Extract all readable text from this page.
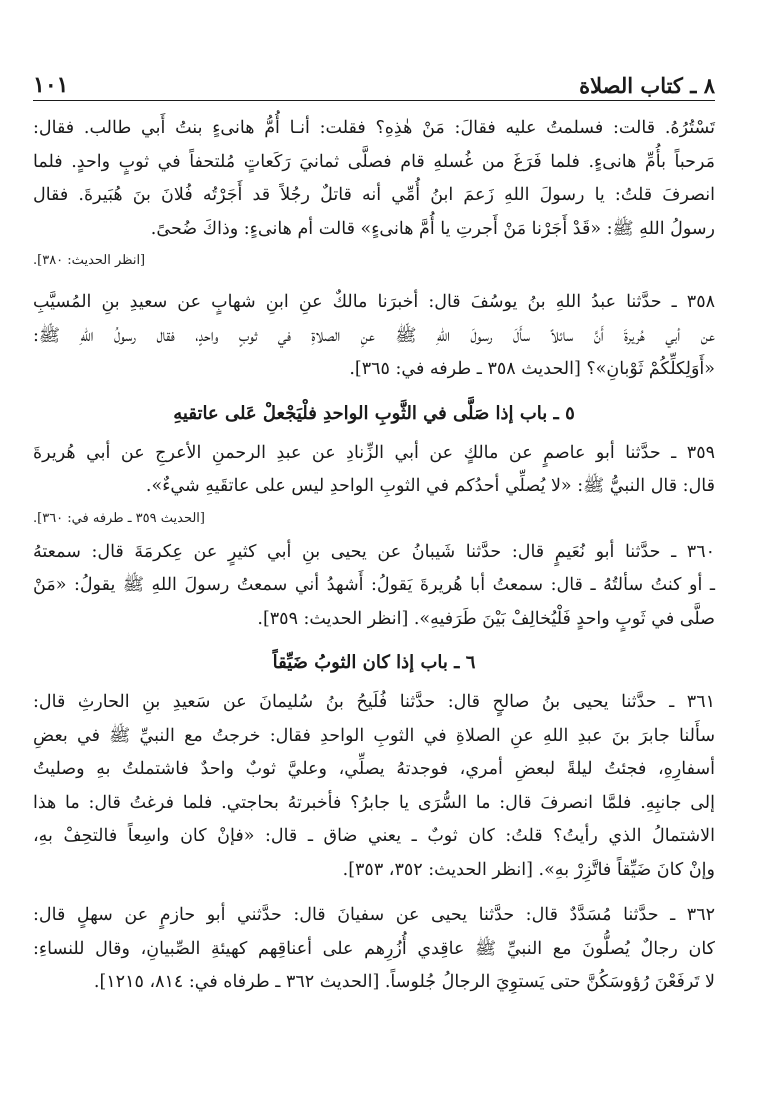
٨ ـ كتاب الصلاة
١٠١

تَسْتُرُهُ. قالت: فسلمتُ عليه فقالَ: مَنْ هٰذِهِ؟ فقلت: أنـا أُمُّ هانىءٍ بنتُ أَبي طالب. فقال:

مَرحباً بأُمِّ هانىءٍ. فلما فَرَغَ من غُسلهِ قام فصلَّى ثمانيَ رَكَعاتٍ مُلتحفاً في ثوبٍ واحدٍ. فلما

انصرفَ قلتُ: يا رسولَ اللهِ زَعمَ ابنُ أُمِّي أنه قاتلٌ رجُلاً قد أَجَرْتُه فُلانَ بنَ هُبَيرةَ. فقال

رسولُ اللهِ ﷺ: «قَدْ أَجَرْنا مَنْ أَجرتِ يا أُمَّ هانىءٍ» قالت أم هانىءٍ: وذاكَ ضُحىً.

[انظر الحديث: ٣٨٠].

٣٥٨ ـ حدَّثنا عبدُ اللهِ بنُ يوسُفَ قال: أخبرَنا مالكٌ عنِ ابنِ شهابٍ عن سعيدِ بنِ المُسيَّبِ

عن أبي هُريرةَ أَنَّ سائلاً سأَلَ رسولَ اللهِ ﷺ عنِ الصلاةِ في ثوبٍ واحدٍ، فقال رسولُ اللهِ ﷺ:

«أَوَلِكلِّكُمْ ثَوْبانِ»؟ [الحديث ٣٥٨ ـ طرفه في: ٣٦٥].

٥ ـ باب إذا صَلَّى في الثَّوبِ الواحدِ فلْيَجْعلْ عَلى عاتقيهِ

٣٥٩ ـ حدَّثنا أبو عاصمٍ عن مالكٍ عن أبي الزِّنادِ عن عبدِ الرحمنِ الأعرجِ عن أبي هُريرةَ

قال: قال النبيُّ ﷺ: «لا يُصلِّي أحدُكم في الثوبِ الواحدِ ليس على عاتقَيهِ شيءٌ».

[الحديث ٣٥٩ ـ طرفه في: ٣٦٠].

٣٦٠ ـ حدَّثنا أبو نُعَيمٍ قال: حدَّثنا شَيبانُ عن يحيى بنِ أبي كثيرٍ عن عِكرمَةَ قال: سمعتهُ

ـ أو كنتُ سألتُهُ ـ قال: سمعتُ أبا هُريرةَ يَقولُ: أَشهدُ أني سمعتُ رسولَ اللهِ ﷺ يقولُ: «مَنْ

صلَّى في ثَوبٍ واحدٍ فَلْيُخالِفْ بَيْنَ طَرَفيهِ». [انظر الحديث: ٣٥٩].

٦ ـ باب إذا كان الثوبُ ضَيِّقاً

٣٦١ ـ حدَّثنا يحيى بنُ صالحٍ قال: حدَّثنا فُلَيحُ بنُ سُليمانَ عن سَعيدِ بنِ الحارثِ قال:

سأَلنا جابرَ بنَ عبدِ اللهِ عنِ الصلاةِ في الثوبِ الواحدِ فقال: خرجتُ مع النبيِّ ﷺ في بعضِ

أسفارِهِ، فجئتُ ليلةً لبعضِ أمري، فوجدتهُ يصلِّي، وعليَّ ثوبٌ واحدٌ فاشتملتُ بهِ وصليتُ

إلى جانبِهِ. فلمَّا انصرفَ قال: ما السُّرَى يا جابرُ؟ فأخبرتهُ بحاجتي. فلما فرغتُ قال: ما هذا

الاشتمالُ الذي رأيتُ؟ قلتُ: كان ثوبٌ ـ يعني ضاق ـ قال: «فإنْ كان واسِعاً فالتحِفْ بهِ،

وإنْ كانَ ضَيِّقاً فاتَّزِرْ بهِ». [انظر الحديث: ٣٥٢، ٣٥٣].

٣٦٢ ـ حدَّثنا مُسَدَّدٌ قال: حدَّثنا يحيى عن سفيانَ قال: حدَّثني أبو حازمٍ عن سهلٍ قال:

كان رجالٌ يُصلُّونَ مع النبيِّ ﷺ عاقِدي أُزُرِهم على أعناقِهم كهيئةِ الصِّبيانِ، وقال للنساءِ:

لا تَرفَعْنَ رُؤوسَكُنَّ حتى يَستوِيَ الرجالُ جُلوساً. [الحديث ٣٦٢ ـ طرفاه في: ٨١٤، ١٢١٥].
